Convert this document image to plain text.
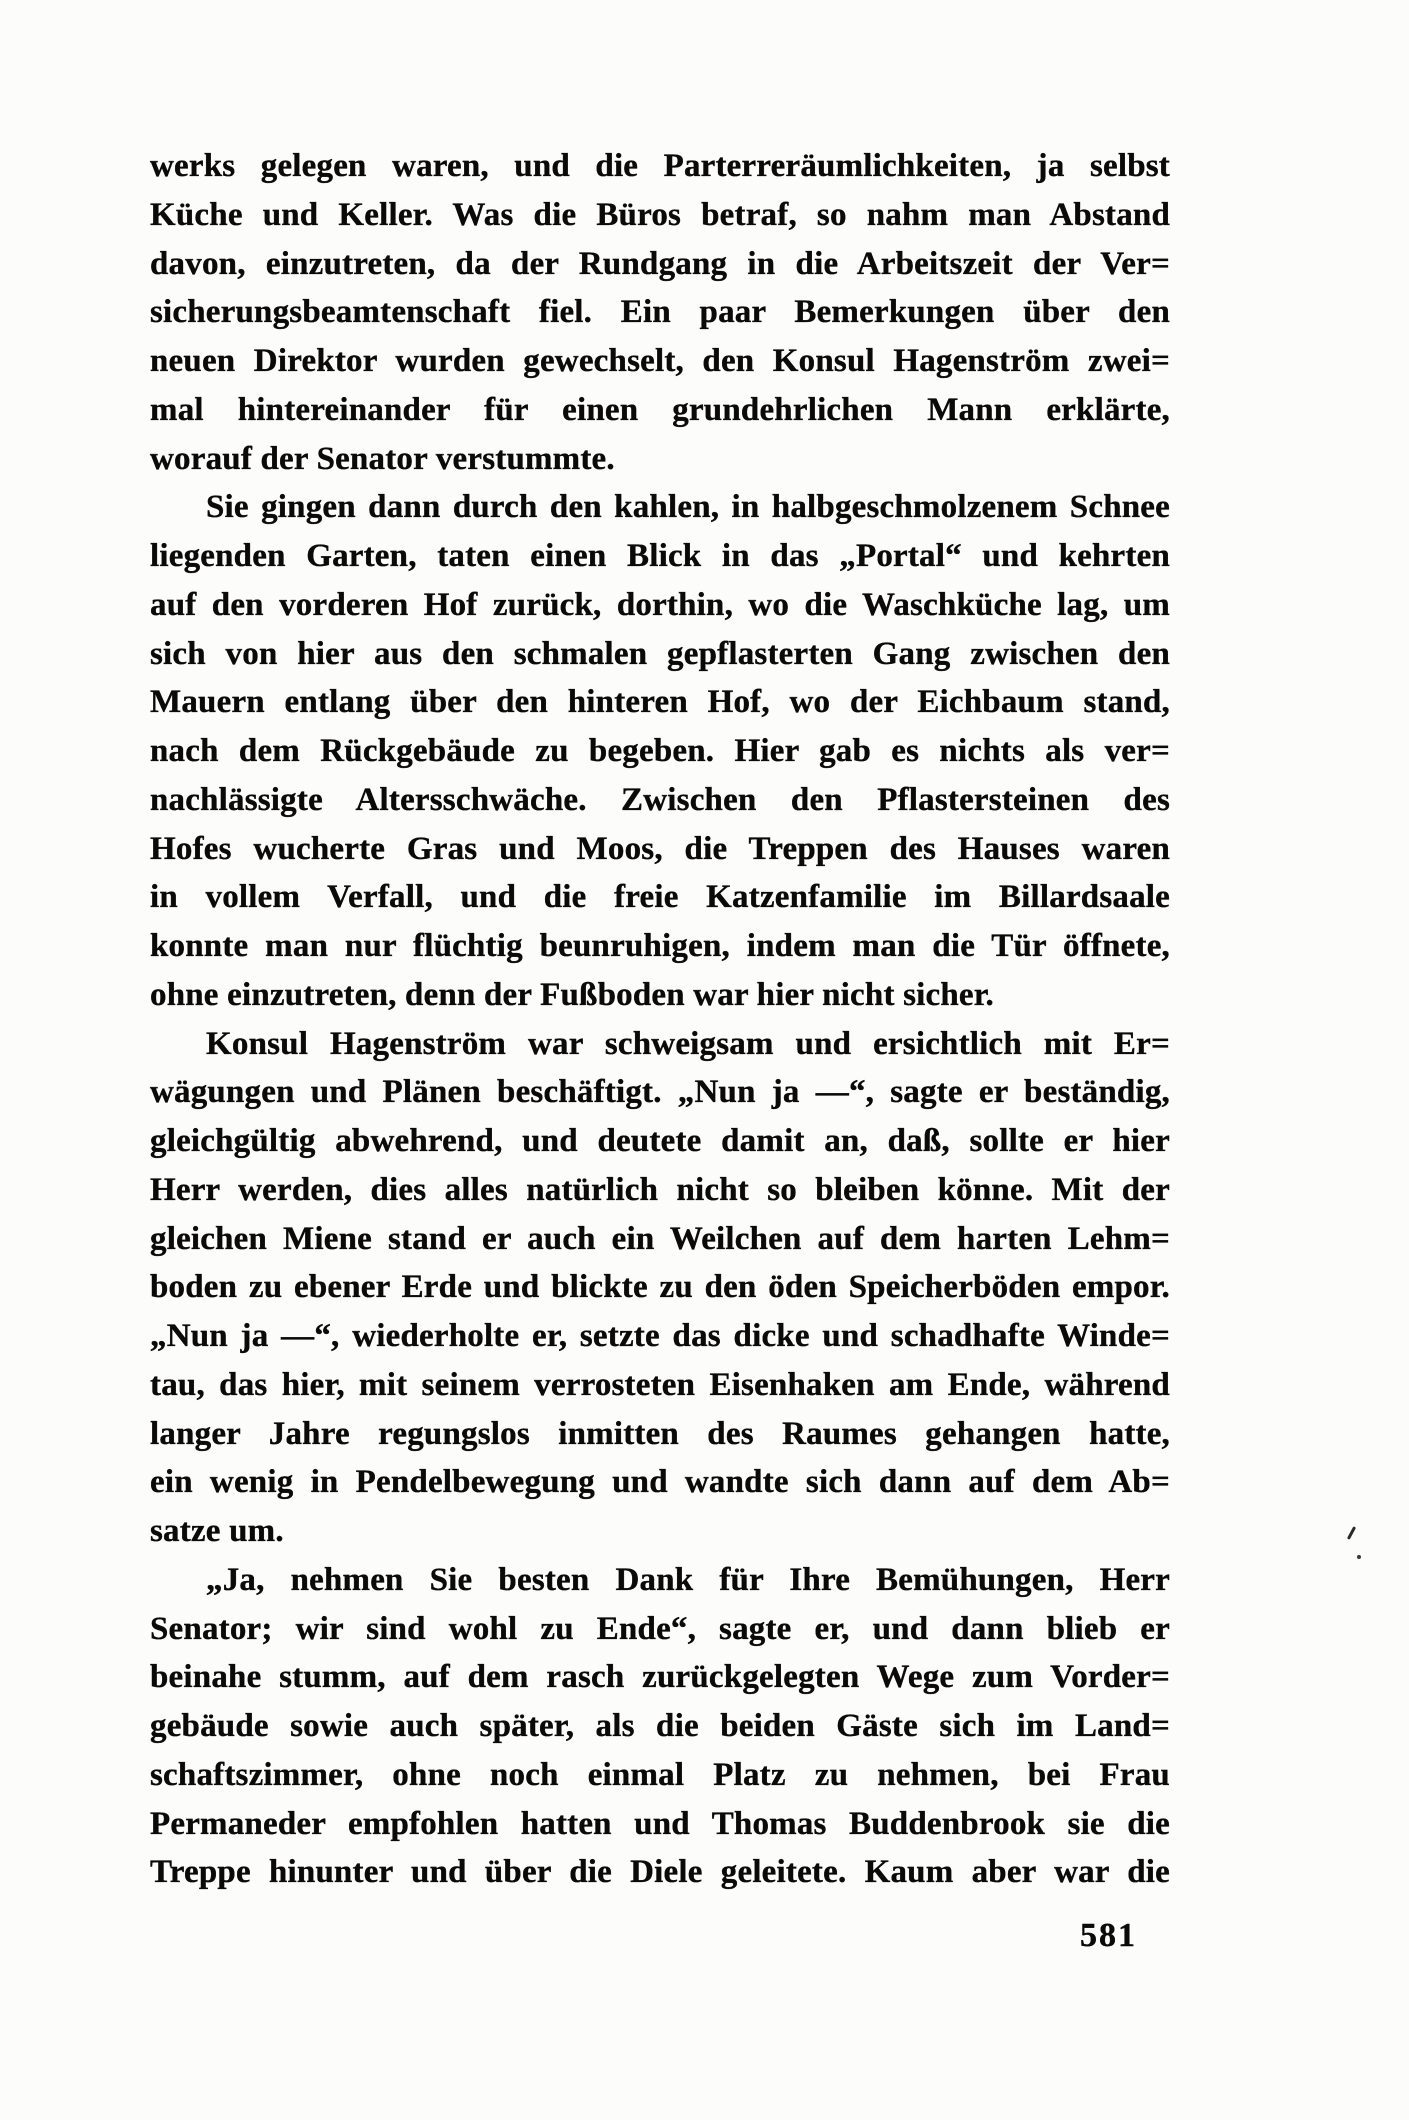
werks gelegen waren, und die Parterreräumlichkeiten, ja selbst

Küche und Keller. Was die Büros betraf, so nahm man Abstand

davon, einzutreten, da der Rundgang in die Arbeitszeit der Ver=

sicherungsbeamtenschaft fiel. Ein paar Bemerkungen über den

neuen Direktor wurden gewechselt, den Konsul Hagenström zwei=

mal hintereinander für einen grundehrlichen Mann erklärte,

worauf der Senator verstummte.

Sie gingen dann durch den kahlen, in halbgeschmolzenem Schnee

liegenden Garten, taten einen Blick in das „Portal“ und kehrten

auf den vorderen Hof zurück, dorthin, wo die Waschküche lag, um

sich von hier aus den schmalen gepflasterten Gang zwischen den

Mauern entlang über den hinteren Hof, wo der Eichbaum stand,

nach dem Rückgebäude zu begeben. Hier gab es nichts als ver=

nachlässigte Altersschwäche. Zwischen den Pflastersteinen des

Hofes wucherte Gras und Moos, die Treppen des Hauses waren

in vollem Verfall, und die freie Katzenfamilie im Billardsaale

konnte man nur flüchtig beunruhigen, indem man die Tür öffnete,

ohne einzutreten, denn der Fußboden war hier nicht sicher.

Konsul Hagenström war schweigsam und ersichtlich mit Er=

wägungen und Plänen beschäftigt. „Nun ja —“, sagte er beständig,

gleichgültig abwehrend, und deutete damit an, daß, sollte er hier

Herr werden, dies alles natürlich nicht so bleiben könne. Mit der

gleichen Miene stand er auch ein Weilchen auf dem harten Lehm=

boden zu ebener Erde und blickte zu den öden Speicherböden empor.

„Nun ja —“, wiederholte er, setzte das dicke und schadhafte Winde=

tau, das hier, mit seinem verrosteten Eisenhaken am Ende, während

langer Jahre regungslos inmitten des Raumes gehangen hatte,

ein wenig in Pendelbewegung und wandte sich dann auf dem Ab=

satze um.

„Ja, nehmen Sie besten Dank für Ihre Bemühungen, Herr

Senator; wir sind wohl zu Ende“, sagte er, und dann blieb er

beinahe stumm, auf dem rasch zurückgelegten Wege zum Vorder=

gebäude sowie auch später, als die beiden Gäste sich im Land=

schaftszimmer, ohne noch einmal Platz zu nehmen, bei Frau

Permaneder empfohlen hatten und Thomas Buddenbrook sie die

Treppe hinunter und über die Diele geleitete. Kaum aber war die

581
